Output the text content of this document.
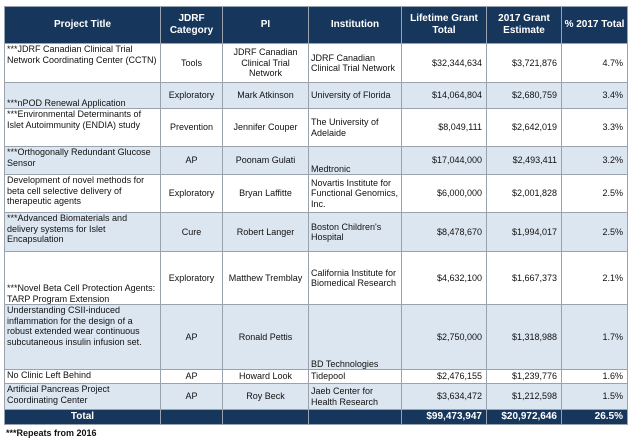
Project Title	JDRF Category	PI	Institution	Lifetime Grant Total	2017 Grant Estimate	% 2017 Total
***JDRF Canadian Clinical Trial Network Coordinating Center (CCTN)	Tools	JDRF Canadian Clinical Trial Network	JDRF Canadian Clinical Trial Network	$32,344,634	$3,721,876	4.7%
***nPOD Renewal Application	Exploratory	Mark Atkinson	University of Florida	$14,064,804	$2,680,759	3.4%
***Environmental Determinants of Islet Autoimmunity (ENDIA) study	Prevention	Jennifer Couper	The University of Adelaide	$8,049,111	$2,642,019	3.3%
***Orthogonally Redundant Glucose Sensor	AP	Poonam Gulati	Medtronic	$17,044,000	$2,493,411	3.2%
Development of novel methods for beta cell selective delivery of therapeutic agents	Exploratory	Bryan Laffitte	Novartis Institute for Functional Genomics, Inc.	$6,000,000	$2,001,828	2.5%
***Advanced Biomaterials and delivery systems for Islet Encapsulation	Cure	Robert Langer	Boston Children's Hospital	$8,478,670	$1,994,017	2.5%
***Novel Beta Cell Protection Agents: TARP Program Extension	Exploratory	Matthew Tremblay	California Institute for Biomedical Research	$4,632,100	$1,667,373	2.1%
Understanding CSII-induced inflammation for the design of a robust extended wear continuous subcutaneous insulin infusion set.	AP	Ronald Pettis	BD Technologies	$2,750,000	$1,318,988	1.7%
No Clinic Left Behind	AP	Howard Look	Tidepool	$2,476,155	$1,239,776	1.6%
Artificial Pancreas Project Coordinating Center	AP	Roy Beck	Jaeb Center for Health Research	$3,634,472	$1,212,598	1.5%
Total				$99,473,947	$20,972,646	26.5%
***Repeats from 2016
